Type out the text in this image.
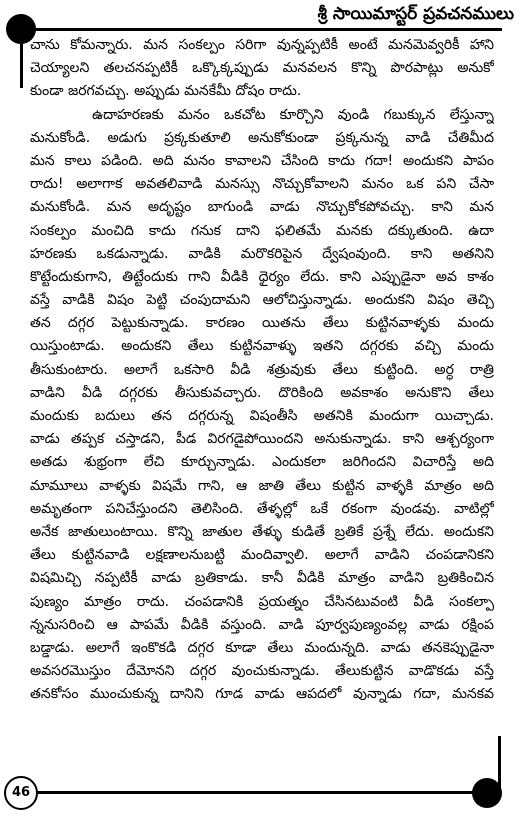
శ్రీ సాయిమాస్టర్ ప్రవచనములు
చాను కోమన్నారు. మన సంకల్పం సరిగా వున్నప్పటికీ అంటే మనమెవ్వరికీ హాని
చెయ్యాలని తలచనప్పటికీ ఒక్కొక్కప్పుడు మనవలన కొన్ని పొరపాట్లు అనుకో
కుండా జరగవచ్చు. అప్పుడు మనకేమీ దోషం రాదు.
ఉదాహరణకు మనం ఒకచోట కూర్చొని వుండి గబుక్కున లేస్తున్నా
మనుకోండి. అడుగు ప్రక్కకుతూలి అనుకోకుండా ప్రక్కనున్న వాడి చేతిమీద
మన కాలు పడింది. అది మనం కావాలని చేసింది కాదు గదా! అందుకని పాపం
రాదు! అలాగాక అవతలివాడి మనస్సు నొచ్చుకోవాలని మనం ఒక పని చేసా
మనుకోండి. మన అదృష్టం బాగుండి వాడు నొచ్చుకోకపోవచ్చు. కాని మన
సంకల్పం మంచిది కాదు గనుక దాని ఫలితమే మనకు దక్కుతుంది. ఉదా
హరణకు ఒకడున్నాడు. వాడికి మరొకరిపైన ద్వేషంవుంది. కాని అతనిని
కొట్టేందుకుగాని, తిట్టేందుకు గాని వీడికి ధైర్యం లేదు. కాని ఎప్పుడైనా అవ కాశం
వస్తే వాడికి విషం పెట్టి చంపుదామని ఆలోచిస్తున్నాడు. అందుకని విషం తెచ్చి
తన దగ్గర పెట్టుకున్నాడు. కారణం యితను తేలు కుట్టినవాళ్ళకు మందు
యిస్తుంటాడు. అందుకని తేలు కుట్టినవాళ్ళు ఇతని దగ్గరకు వచ్చి మందు
తీసుకుంటారు. అలాగే ఒకసారి వీడి శత్రువుకు తేలు కుట్టింది. అర్ధ రాత్రి
వాడిని వీడి దగ్గరకు తీసుకువచ్చారు. దొరికింది అవకాశం అనుకొని తేలు
మందుకు బదులు తన దగ్గరున్న విషంతీసి అతనికి మందుగా యిచ్చాడు.
వాడు తప్పక చస్తాడని, పీడ విరగడైపోయిందని అనుకున్నాడు. కాని ఆశ్చర్యంగా
అతడు శుభ్రంగా లేచి కూర్చున్నాడు. ఎందుకలా జరిగిందని విచారిస్తే అది
మామూలు వాళ్ళకు విషమే గాని, ఆ జాతి తేలు కుట్టిన వాళ్ళకి మాత్రం అది
అమృతంగా పనిచేస్తుందని తెలిసింది. తేళ్ళల్లో ఒకే రకంగా వుండవు. వాటిల్లో
అనేక జాతులుంటాయి. కొన్ని జాతుల తేళ్ళు కుడితే బ్రతికే ప్రశ్నే లేదు. అందుకని
తేలు కుట్టినవాడి లక్షణాలనుబట్టి మందివ్వాలి. అలాగే వాడిని చంపడానికని
విషమిచ్చి నప్పటికీ వాడు బ్రతికాడు. కానీ వీడికి మాత్రం వాడిని బ్రతికించిన
పుణ్యం మాత్రం రాదు. చంపడానికి ప్రయత్నం చేసినటువంటి వీడి సంకల్పా
న్ననుసరించి ఆ పాపమే వీడికి వస్తుంది. వాడి పూర్వపుణ్యంవల్ల వాడు రక్షింప
బడ్డాడు. అలాగే ఇంకొకడి దగ్గర కూడా తేలు మందున్నది. వాడు తనకెప్పుడైనా
అవసరమొస్తుం దేమోనని దగ్గర వుంచుకున్నాడు. తేలుకుట్టిన వాడొకడు వస్తే
తనకోసం ముంచుకున్న దానిని గూడ వాడు ఆపదలో వున్నాడు గదా, మనకవ
46
